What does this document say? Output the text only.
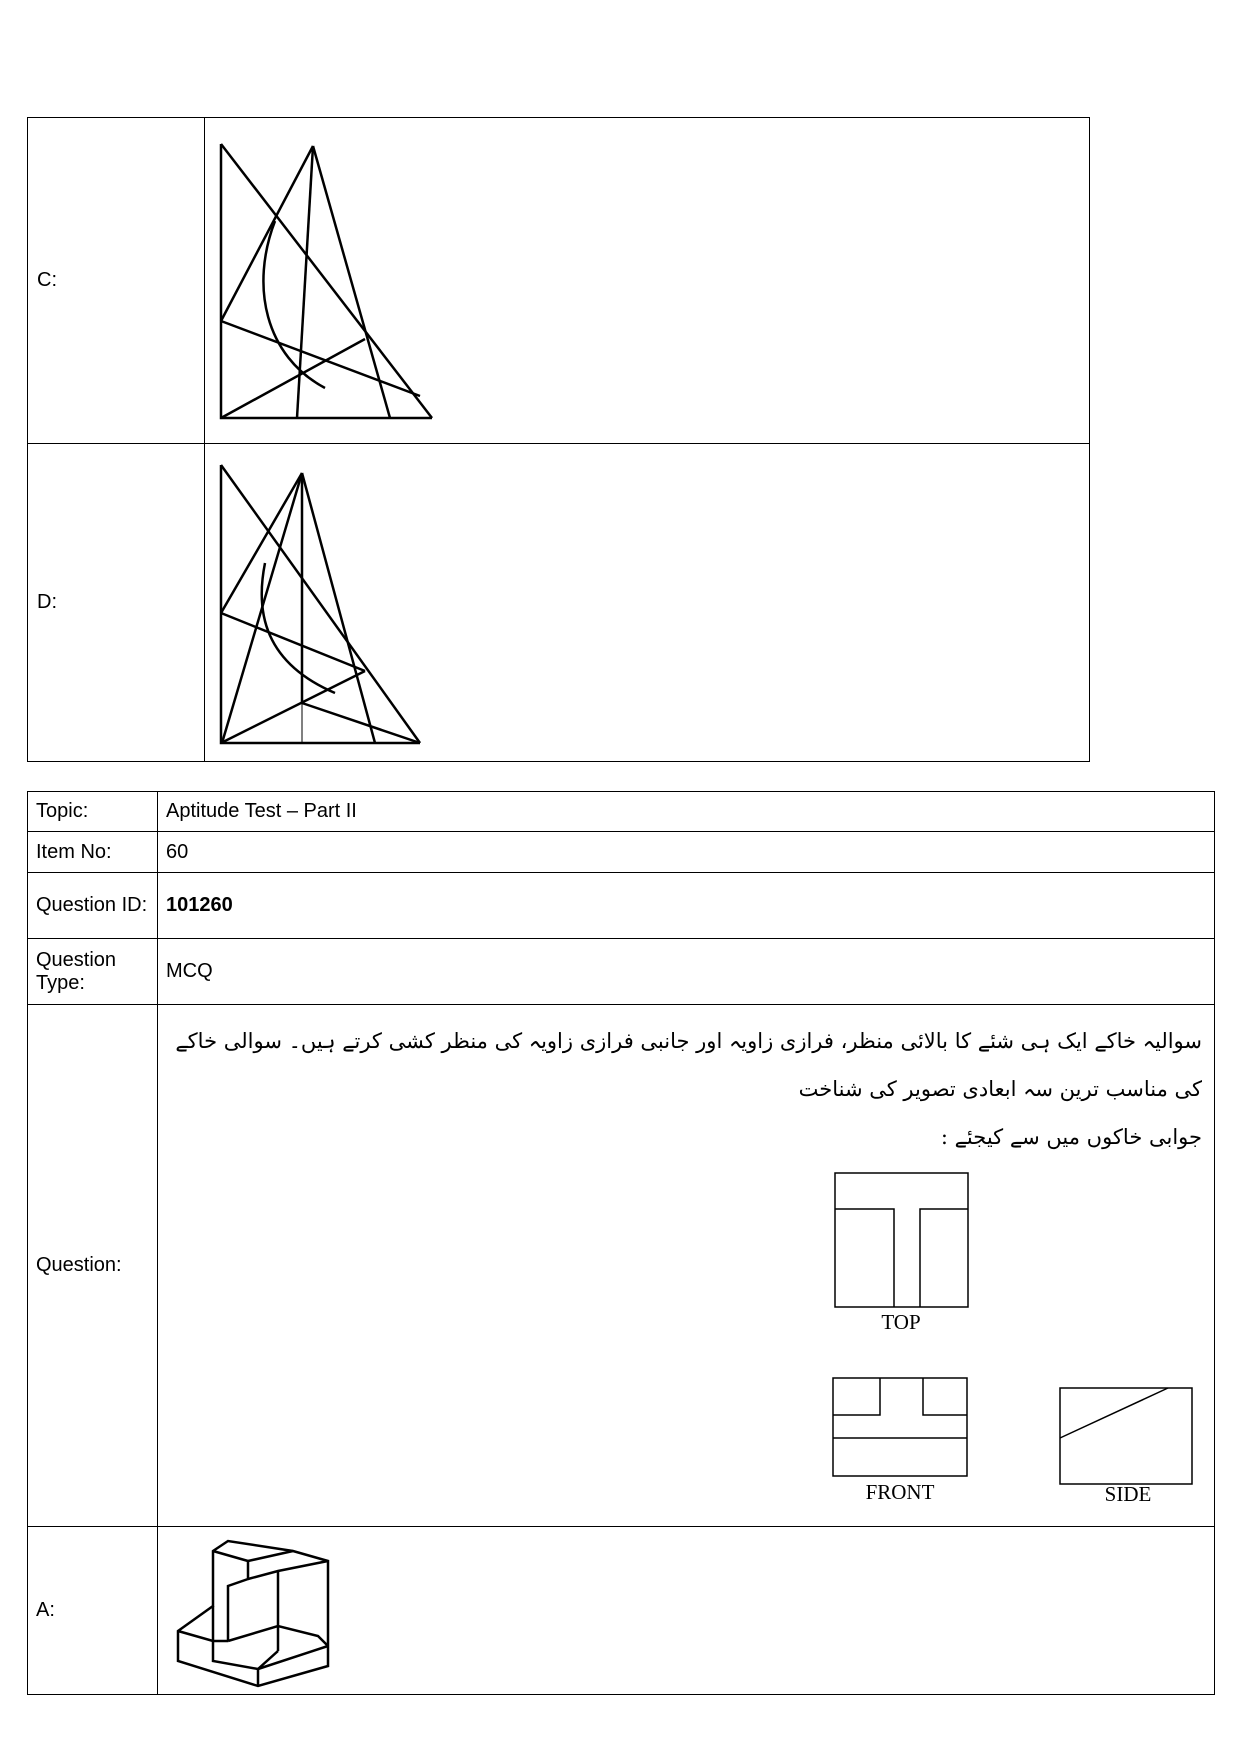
C:	

D:	
Topic:	Aptitude Test – Part II
Item No:	60
Question ID:	101260
Question Type:	MCQ
Question:	سوالیہ خاکے ایک ہی شئے کا بالائی منظر، فرازی زاویہ اور جانبی فرازی زاویہ کی منظر کشی کرتے ہیں۔ سوالی خاکے کی مناسب ترین سہ ابعادی تصویر کی شناخت
جوابی خاکوں میں سے کیجئے :
TOP
FRONT SIDE

A:	
